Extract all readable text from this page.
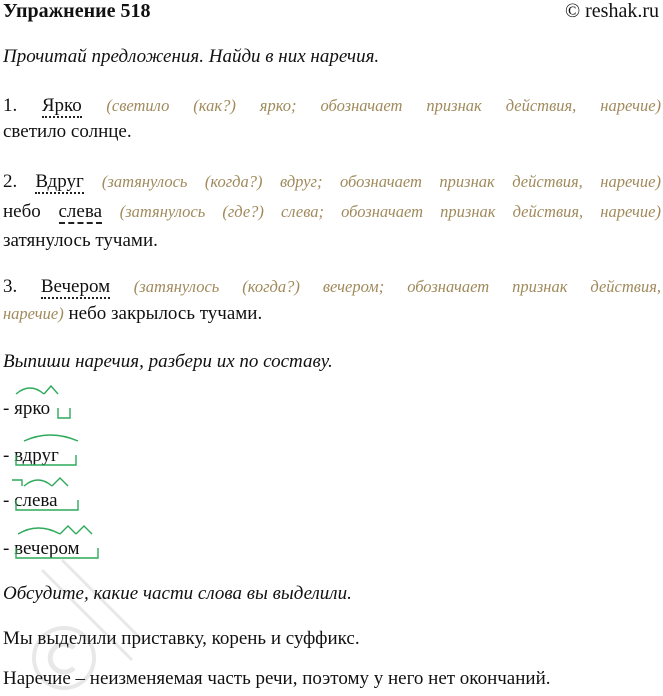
Упражнение 518	© reshak.ru
Прочитай предложения. Найди в них наречия.
1. Ярко (светило (как?) ярко; обозначает признак действия, наречие)
светило солнце.
2. Вдруг (затянулось (когда?) вдруг; обозначает признак действия, наречие)
небо слева (затянулось (где?) слева; обозначает признак действия, наречие)
затянулось тучами.
3. Вечером (затянулось (когда?) вечером; обозначает признак действия,
наречие) небо закрылось тучами.
Выпиши наречия, разбери их по составу.
- ярко
- вдруг
- слева
- вечером
Обсудите, какие части слова вы выделили.
Мы выделили приставку, корень и суффикс.
Наречие – неизменяемая часть речи, поэтому у него нет окончаний.
